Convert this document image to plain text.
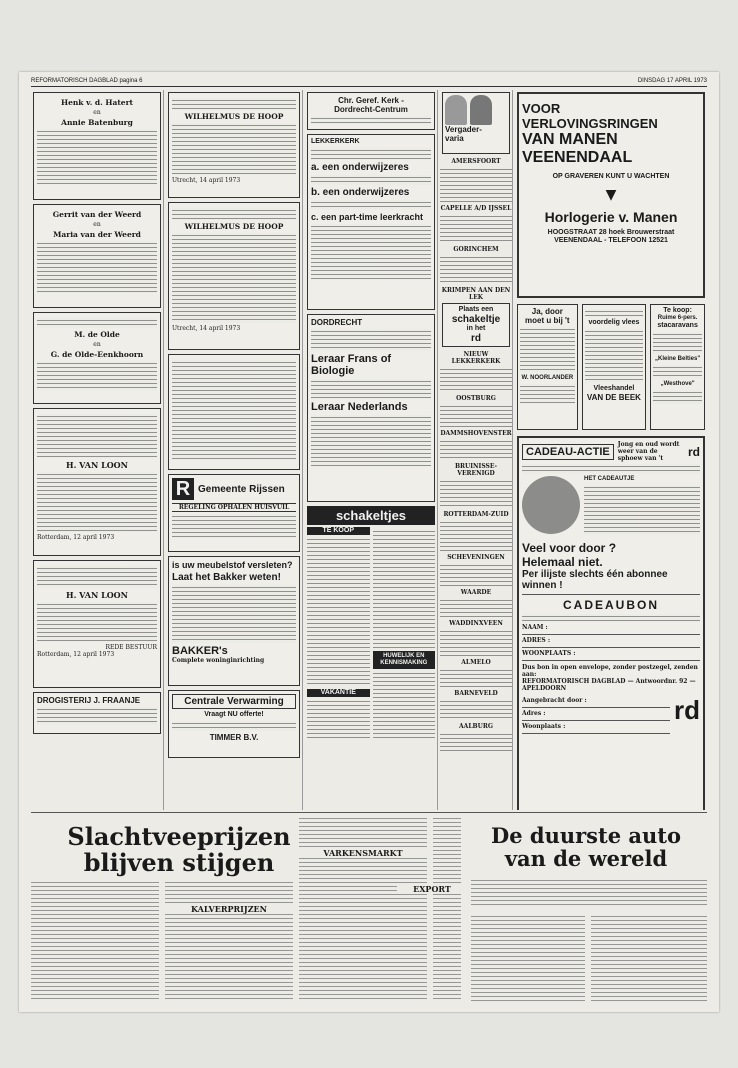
REFORMATORISCH DAGBLAD pagina 6	DINSDAG 17 APRIL 1973
Henk v. d. Hatert
en
Annie Batenburg
Gerrit van der Weerd
en
Maria van der Weerd
M. de Olde
en
G. de Olde-Eenkhoorn
H. VAN LOON
Rotterdam, 12 april 1973
H. VAN LOON
REDE BESTUUR
Rotterdam, 12 april 1973
DROGISTERIJ J. FRAANJE
WILHELMUS DE HOOP
Utrecht, 14 april 1973
WILHELMUS DE HOOP
Utrecht, 14 april 1973
R Gemeente Rijssen
REGELING OPHALEN HUISVUIL
is uw meubelstof versleten?
Laat het Bakker weten!
BAKKER's
Complete woninginrichting
Centrale Verwarming
Vraagt NU offerte!
TIMMER B.V.
Chr. Geref. Kerk -
Dordrecht-Centrum
LEKKERKERK
a. een onderwijzeres
b. een onderwijzeres
c. een part-time leerkracht
DORDRECHT
Leraar Frans of Biologie
Leraar Nederlands
schakeltjes
TE KOOP
VAKANTIE
HUWELIJK EN KENNISMAKING
Vergader-
varia
AMERSFOORT
CAPELLE A/D IJSSEL
GORINCHEM
KRIMPEN AAN DEN LEK
Plaats een
schakeltje
in het
rd
NIEUW LEKKERKERK
OOSTBURG
DAMMSHOVENSTER
BRUINISSE-VERENIGD
ROTTERDAM-ZUID
SCHEVENINGEN
WAARDE
WADDINXVEEN
ALMELO
BARNEVELD
AALBURG
VOOR
VERLOVINGSRINGEN
VAN MANEN
VEENENDAAL
OP GRAVEREN KUNT U WACHTEN
▼
Horlogerie v. Manen
HOOGSTRAAT 28 hoek Brouwerstraat
VEENENDAAL - TELEFOON 12521
Ja, door
moet u bij 't
W. NOORLANDER
voordelig vlees
Vleeshandel
VAN DE BEEK
Te koop:
Ruime 6-pers.
stacaravans
„Kleine Belties"
„Westhove"
CADEAU-ACTIE
Jong en oud wordt weer van de sphoew van 't	rd
HET CADEAUTJE
Veel voor door ?
Helemaal niet.
Per ilijste slechts één abonnee winnen !
CADEAUBON
NAAM :
ADRES :
WOONPLAATS :
Dus bon in open envelope, zonder postzegel, zenden aan:
REFORMATORISCH DAGBLAD — Antwoordnr. 92 — APELDOORN
Aangebracht door :
Adres :
Woonplaats :
rd
Slachtveeprijzen
blijven stijgen
KALVERPRIJZEN
VARKENSMARKT
EXPORT
De duurste auto
van de wereld
